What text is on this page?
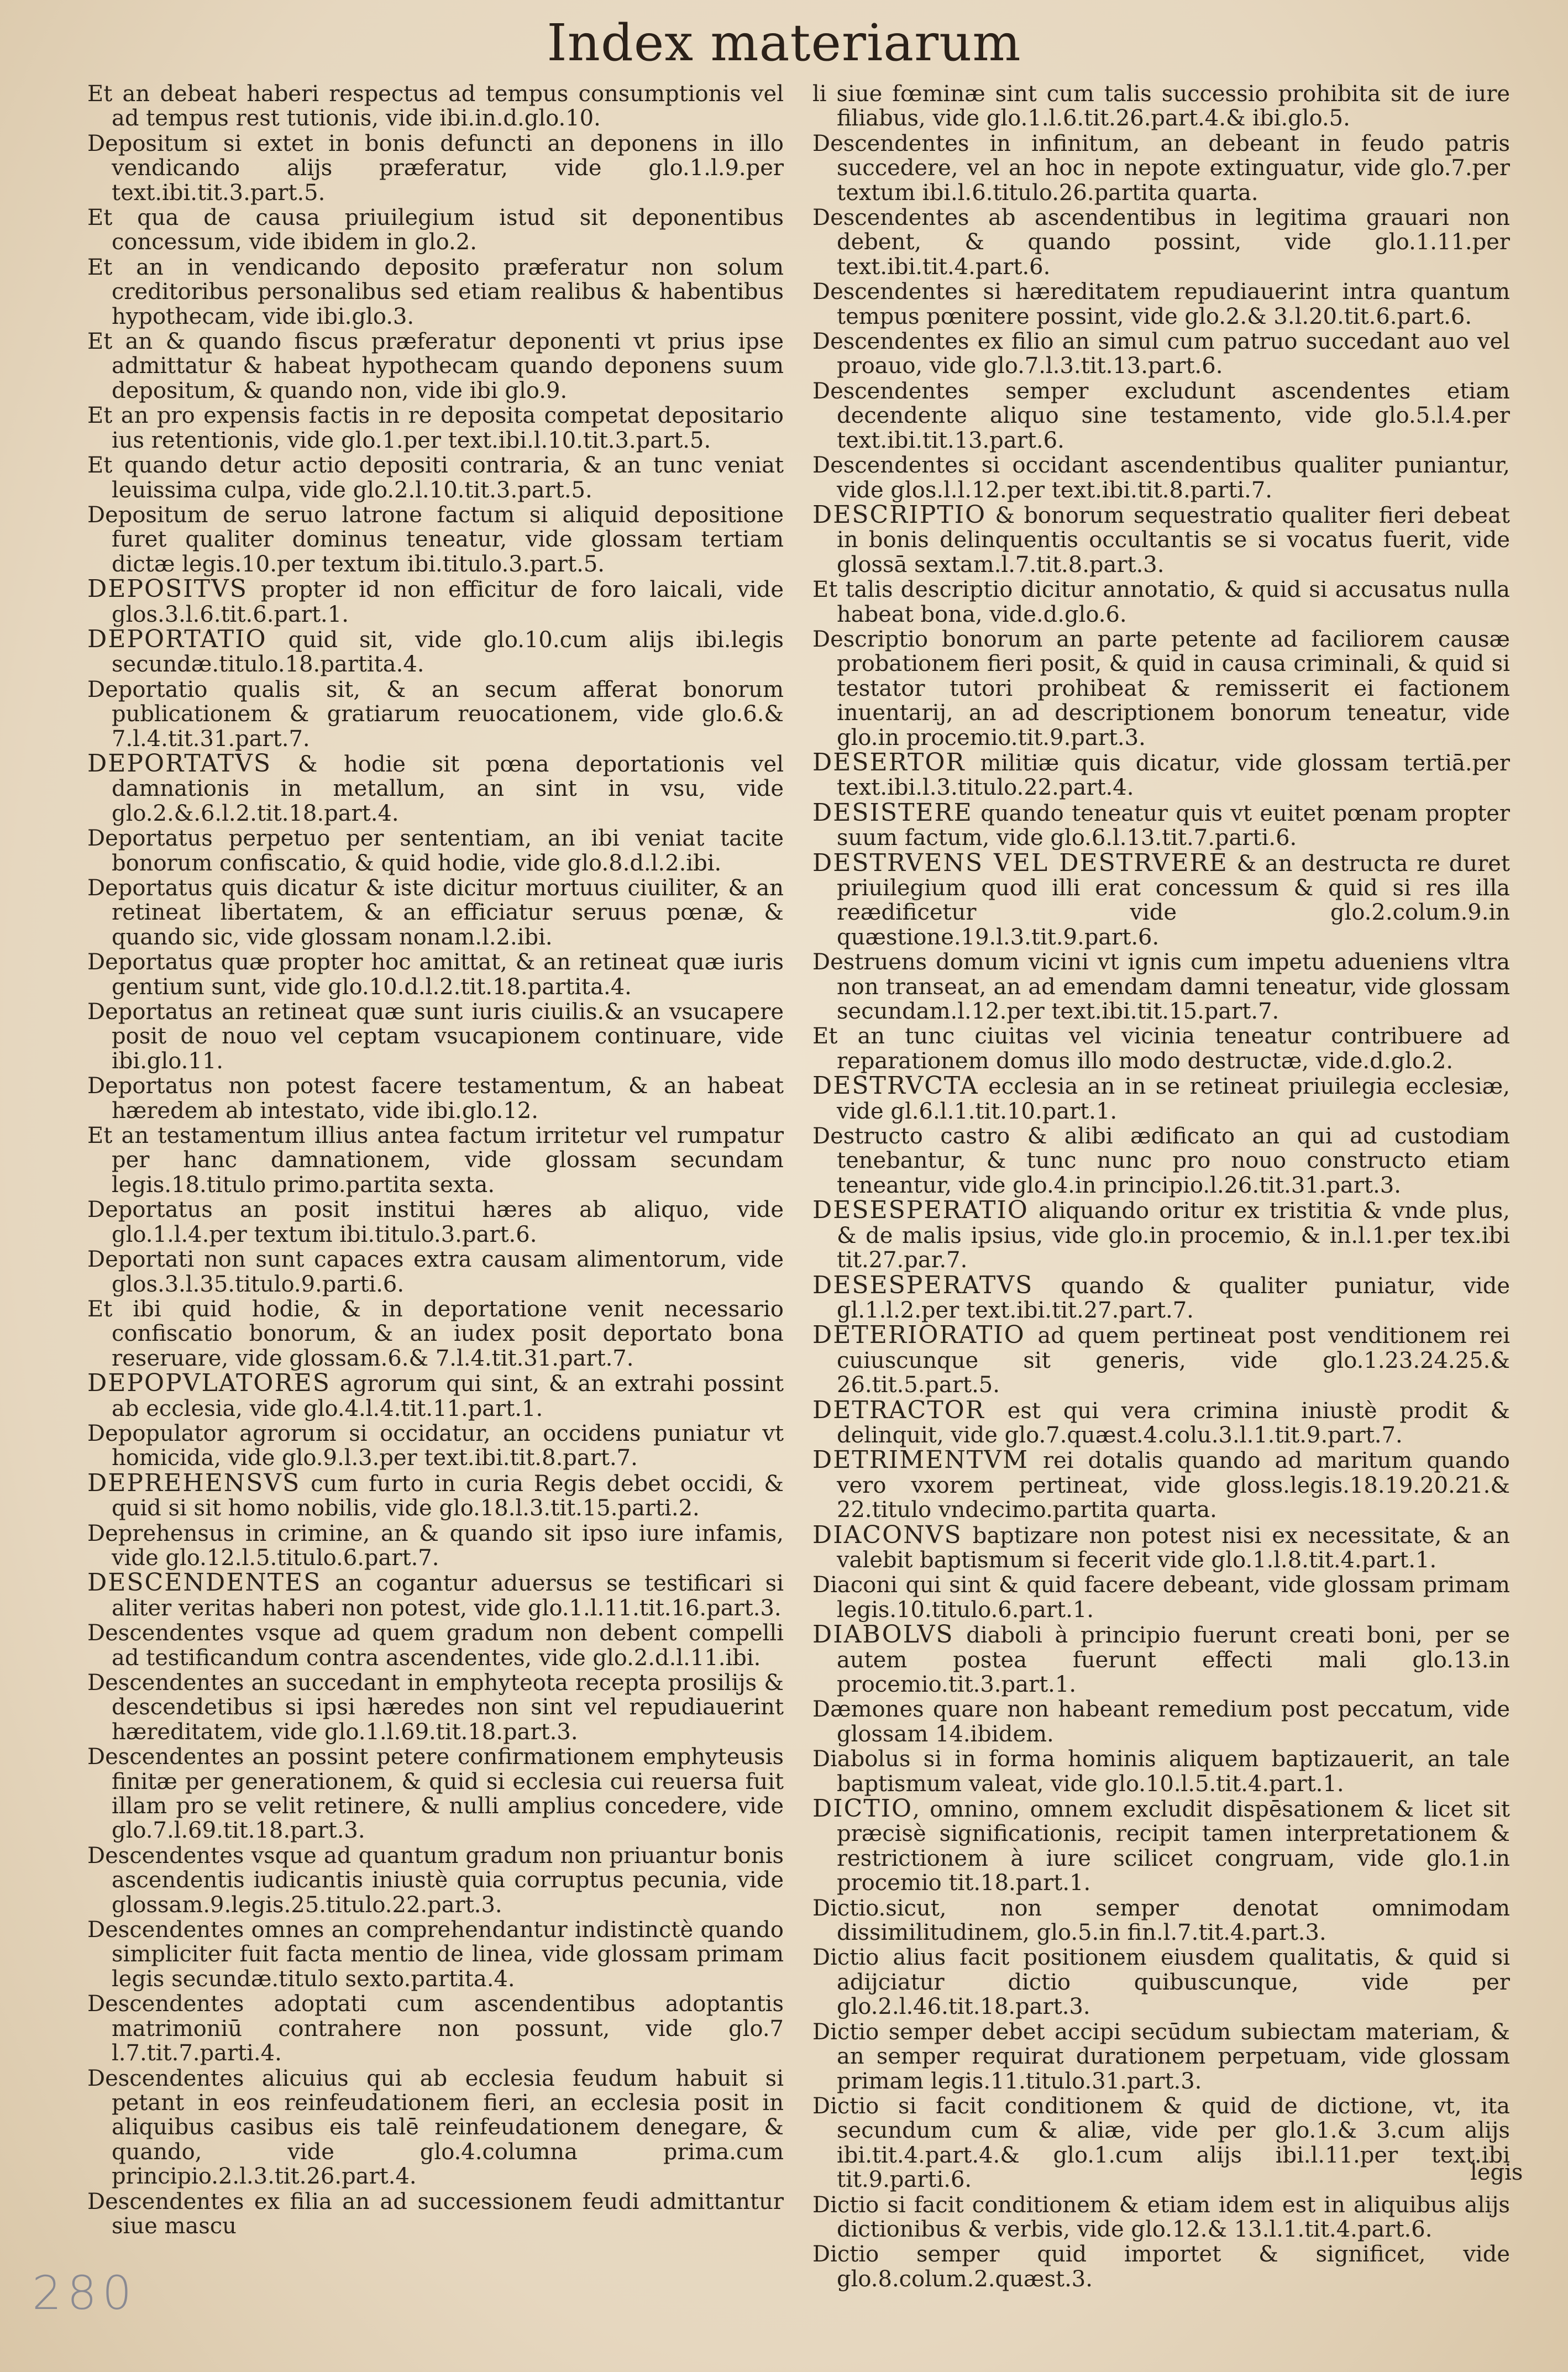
Index materiarum

Et an debeat haberi respectus ad tempus consumptionis vel ad tempus rest tutionis, vide ibi.in.d.glo.10.

Depositum si extet in bonis defuncti an deponens in illo vendicando alijs præferatur, vide glo.1.l.9.per text.ibi.tit.3.part.5.

Et qua de causa priuilegium istud sit deponentibus concessum, vide ibidem in glo.2.

Et an in vendicando deposito præferatur non solum creditoribus personalibus sed etiam realibus & habentibus hypothecam, vide ibi.glo.3.

Et an & quando fiscus præferatur deponenti vt prius ipse admittatur & habeat hypothecam quando deponens suum depositum, & quando non, vide ibi glo.9.

Et an pro expensis factis in re deposita competat depositario ius retentionis, vide glo.1.per text.ibi.l.10.tit.3.part.5.

Et quando detur actio depositi contraria, & an tunc veniat leuissima culpa, vide glo.2.l.10.tit.3.part.5.

Depositum de seruo latrone factum si aliquid depositione furet qualiter dominus teneatur, vide glossam tertiam dictæ legis.10.per textum ibi.titulo.3.part.5.

DEPOSITVS propter id non efficitur de foro laicali, vide glos.3.l.6.tit.6.part.1.

DEPORTATIO quid sit, vide glo.10.cum alijs ibi.legis secundæ.titulo.18.partita.4.

Deportatio qualis sit, & an secum afferat bonorum publicationem & gratiarum reuocationem, vide glo.6.& 7.l.4.tit.31.part.7.

DEPORTATVS & hodie sit pœna deportationis vel damnationis in metallum, an sint in vsu, vide glo.2.&.6.l.2.tit.18.part.4.

Deportatus perpetuo per sententiam, an ibi veniat tacite bonorum confiscatio, & quid hodie, vide glo.8.d.l.2.ibi.

Deportatus quis dicatur & iste dicitur mortuus ciuiliter, & an retineat libertatem, & an efficiatur seruus pœnæ, & quando sic, vide glossam nonam.l.2.ibi.

Deportatus quæ propter hoc amittat, & an retineat quæ iuris gentium sunt, vide glo.10.d.l.2.tit.18.partita.4.

Deportatus an retineat quæ sunt iuris ciuilis.& an vsucapere posit de nouo vel ceptam vsucapionem continuare, vide ibi.glo.11.

Deportatus non potest facere testamentum, & an habeat hæredem ab intestato, vide ibi.glo.12.

Et an testamentum illius antea factum irritetur vel rumpatur per hanc damnationem, vide glossam secundam legis.18.titulo primo.partita sexta.

Deportatus an posit institui hæres ab aliquo, vide glo.1.l.4.per textum ibi.titulo.3.part.6.

Deportati non sunt capaces extra causam alimentorum, vide glos.3.l.35.titulo.9.parti.6.

Et ibi quid hodie, & in deportatione venit necessario confiscatio bonorum, & an iudex posit deportato bona reseruare, vide glossam.6.& 7.l.4.tit.31.part.7.

DEPOPVLATORES agrorum qui sint, & an extrahi possint ab ecclesia, vide glo.4.l.4.tit.11.part.1.

Depopulator agrorum si occidatur, an occidens puniatur vt homicida, vide glo.9.l.3.per text.ibi.tit.8.part.7.

DEPREHENSVS cum furto in curia Regis debet occidi, & quid si sit homo nobilis, vide glo.18.l.3.tit.15.parti.2.

Deprehensus in crimine, an & quando sit ipso iure infamis, vide glo.12.l.5.titulo.6.part.7.

DESCENDENTES an cogantur aduersus se testificari si aliter veritas haberi non potest, vide glo.1.l.11.tit.16.part.3.

Descendentes vsque ad quem gradum non debent compelli ad testificandum contra ascendentes, vide glo.2.d.l.11.ibi.

Descendentes an succedant in emphyteota recepta prosilijs & descendetibus si ipsi hæredes non sint vel repudiauerint hæreditatem, vide glo.1.l.69.tit.18.part.3.

Descendentes an possint petere confirmationem emphyteusis finitæ per generationem, & quid si ecclesia cui reuersa fuit illam pro se velit retinere, & nulli amplius concedere, vide glo.7.l.69.tit.18.part.3.

Descendentes vsque ad quantum gradum non priuantur bonis ascendentis iudicantis iniustè quia corruptus pecunia, vide glossam.9.legis.25.titulo.22.part.3.

Descendentes omnes an comprehendantur indistinctè quando simpliciter fuit facta mentio de linea, vide glossam primam legis secundæ.titulo sexto.partita.4.

Descendentes adoptati cum ascendentibus adoptantis matrimoniū contrahere non possunt, vide glo.7 l.7.tit.7.parti.4.

Descendentes alicuius qui ab ecclesia feudum habuit si petant in eos reinfeudationem fieri, an ecclesia posit in aliquibus casibus eis talē reinfeudationem denegare, & quando, vide glo.4.columna prima.cum principio.2.l.3.tit.26.part.4.

Descendentes ex filia an ad successionem feudi admittantur siue mascu

li siue fœminæ sint cum talis successio prohibita sit de iure filiabus, vide glo.1.l.6.tit.26.part.4.& ibi.glo.5.

Descendentes in infinitum, an debeant in feudo patris succedere, vel an hoc in nepote extinguatur, vide glo.7.per textum ibi.l.6.titulo.26.partita quarta.

Descendentes ab ascendentibus in legitima grauari non debent, & quando possint, vide glo.1.11.per text.ibi.tit.4.part.6.

Descendentes si hæreditatem repudiauerint intra quantum tempus pœnitere possint, vide glo.2.& 3.l.20.tit.6.part.6.

Descendentes ex filio an simul cum patruo succedant auo vel proauo, vide glo.7.l.3.tit.13.part.6.

Descendentes semper excludunt ascendentes etiam decendente aliquo sine testamento, vide glo.5.l.4.per text.ibi.tit.13.part.6.

Descendentes si occidant ascendentibus qualiter puniantur, vide glos.l.l.12.per text.ibi.tit.8.parti.7.

DESCRIPTIO & bonorum sequestratio qualiter fieri debeat in bonis delinquentis occultantis se si vocatus fuerit, vide glossā sextam.l.7.tit.8.part.3.

Et talis descriptio dicitur annotatio, & quid si accusatus nulla habeat bona, vide.d.glo.6.

Descriptio bonorum an parte petente ad faciliorem causæ probationem fieri posit, & quid in causa criminali, & quid si testator tutori prohibeat & remisserit ei factionem inuentarij, an ad descriptionem bonorum teneatur, vide glo.in procemio.tit.9.part.3.

DESERTOR militiæ quis dicatur, vide glossam tertiā.per text.ibi.l.3.titulo.22.part.4.

DESISTERE quando teneatur quis vt euitet pœnam propter suum factum, vide glo.6.l.13.tit.7.parti.6.

DESTRVENS VEL DESTRVERE & an destructa re duret priuilegium quod illi erat concessum & quid si res illa reædificetur vide glo.2.colum.9.in quæstione.19.l.3.tit.9.part.6.

Destruens domum vicini vt ignis cum impetu adueniens vltra non transeat, an ad emendam damni teneatur, vide glossam secundam.l.12.per text.ibi.tit.15.part.7.

Et an tunc ciuitas vel vicinia teneatur contribuere ad reparationem domus illo modo destructæ, vide.d.glo.2.

DESTRVCTA ecclesia an in se retineat priuilegia ecclesiæ, vide gl.6.l.1.tit.10.part.1.

Destructo castro & alibi ædificato an qui ad custodiam tenebantur, & tunc nunc pro nouo constructo etiam teneantur, vide glo.4.in principio.l.26.tit.31.part.3.

DESESPERATIO aliquando oritur ex tristitia & vnde plus, & de malis ipsius, vide glo.in procemio, & in.l.1.per tex.ibi tit.27.par.7.

DESESPERATVS quando & qualiter puniatur, vide gl.1.l.2.per text.ibi.tit.27.part.7.

DETERIORATIO ad quem pertineat post venditionem rei cuiuscunque sit generis, vide glo.1.23.24.25.& 26.tit.5.part.5.

DETRACTOR est qui vera crimina iniustè prodit & delinquit, vide glo.7.quæst.4.colu.3.l.1.tit.9.part.7.

DETRIMENTVM rei dotalis quando ad maritum quando vero vxorem pertineat, vide gloss.legis.18.19.20.21.& 22.titulo vndecimo.partita quarta.

DIACONVS baptizare non potest nisi ex necessitate, & an valebit baptismum si fecerit vide glo.1.l.8.tit.4.part.1.

Diaconi qui sint & quid facere debeant, vide glossam primam legis.10.titulo.6.part.1.

DIABOLVS diaboli à principio fuerunt creati boni, per se autem postea fuerunt effecti mali glo.13.in procemio.tit.3.part.1.

Dæmones quare non habeant remedium post peccatum, vide glossam 14.ibidem.

Diabolus si in forma hominis aliquem baptizauerit, an tale baptismum valeat, vide glo.10.l.5.tit.4.part.1.

DICTIO, omnino, omnem excludit dispēsationem & licet sit præcisè significationis, recipit tamen interpretationem & restrictionem à iure scilicet congruam, vide glo.1.in procemio tit.18.part.1.

Dictio.sicut, non semper denotat omnimodam dissimilitudinem, glo.5.in fin.l.7.tit.4.part.3.

Dictio alius facit positionem eiusdem qualitatis, & quid si adijciatur dictio quibuscunque, vide per glo.2.l.46.tit.18.part.3.

Dictio semper debet accipi secūdum subiectam materiam, & an semper requirat durationem perpetuam, vide glossam primam legis.11.titulo.31.part.3.

Dictio si facit conditionem & quid de dictione, vt, ita secundum cum & aliæ, vide per glo.1.& 3.cum alijs ibi.tit.4.part.4.& glo.1.cum alijs ibi.l.11.per text.ibi tit.9.parti.6.

Dictio si facit conditionem & etiam idem est in aliquibus alijs dictionibus & verbis, vide glo.12.& 13.l.1.tit.4.part.6.

Dictio semper quid importet & significet, vide glo.8.colum.2.quæst.3.

legis
280
